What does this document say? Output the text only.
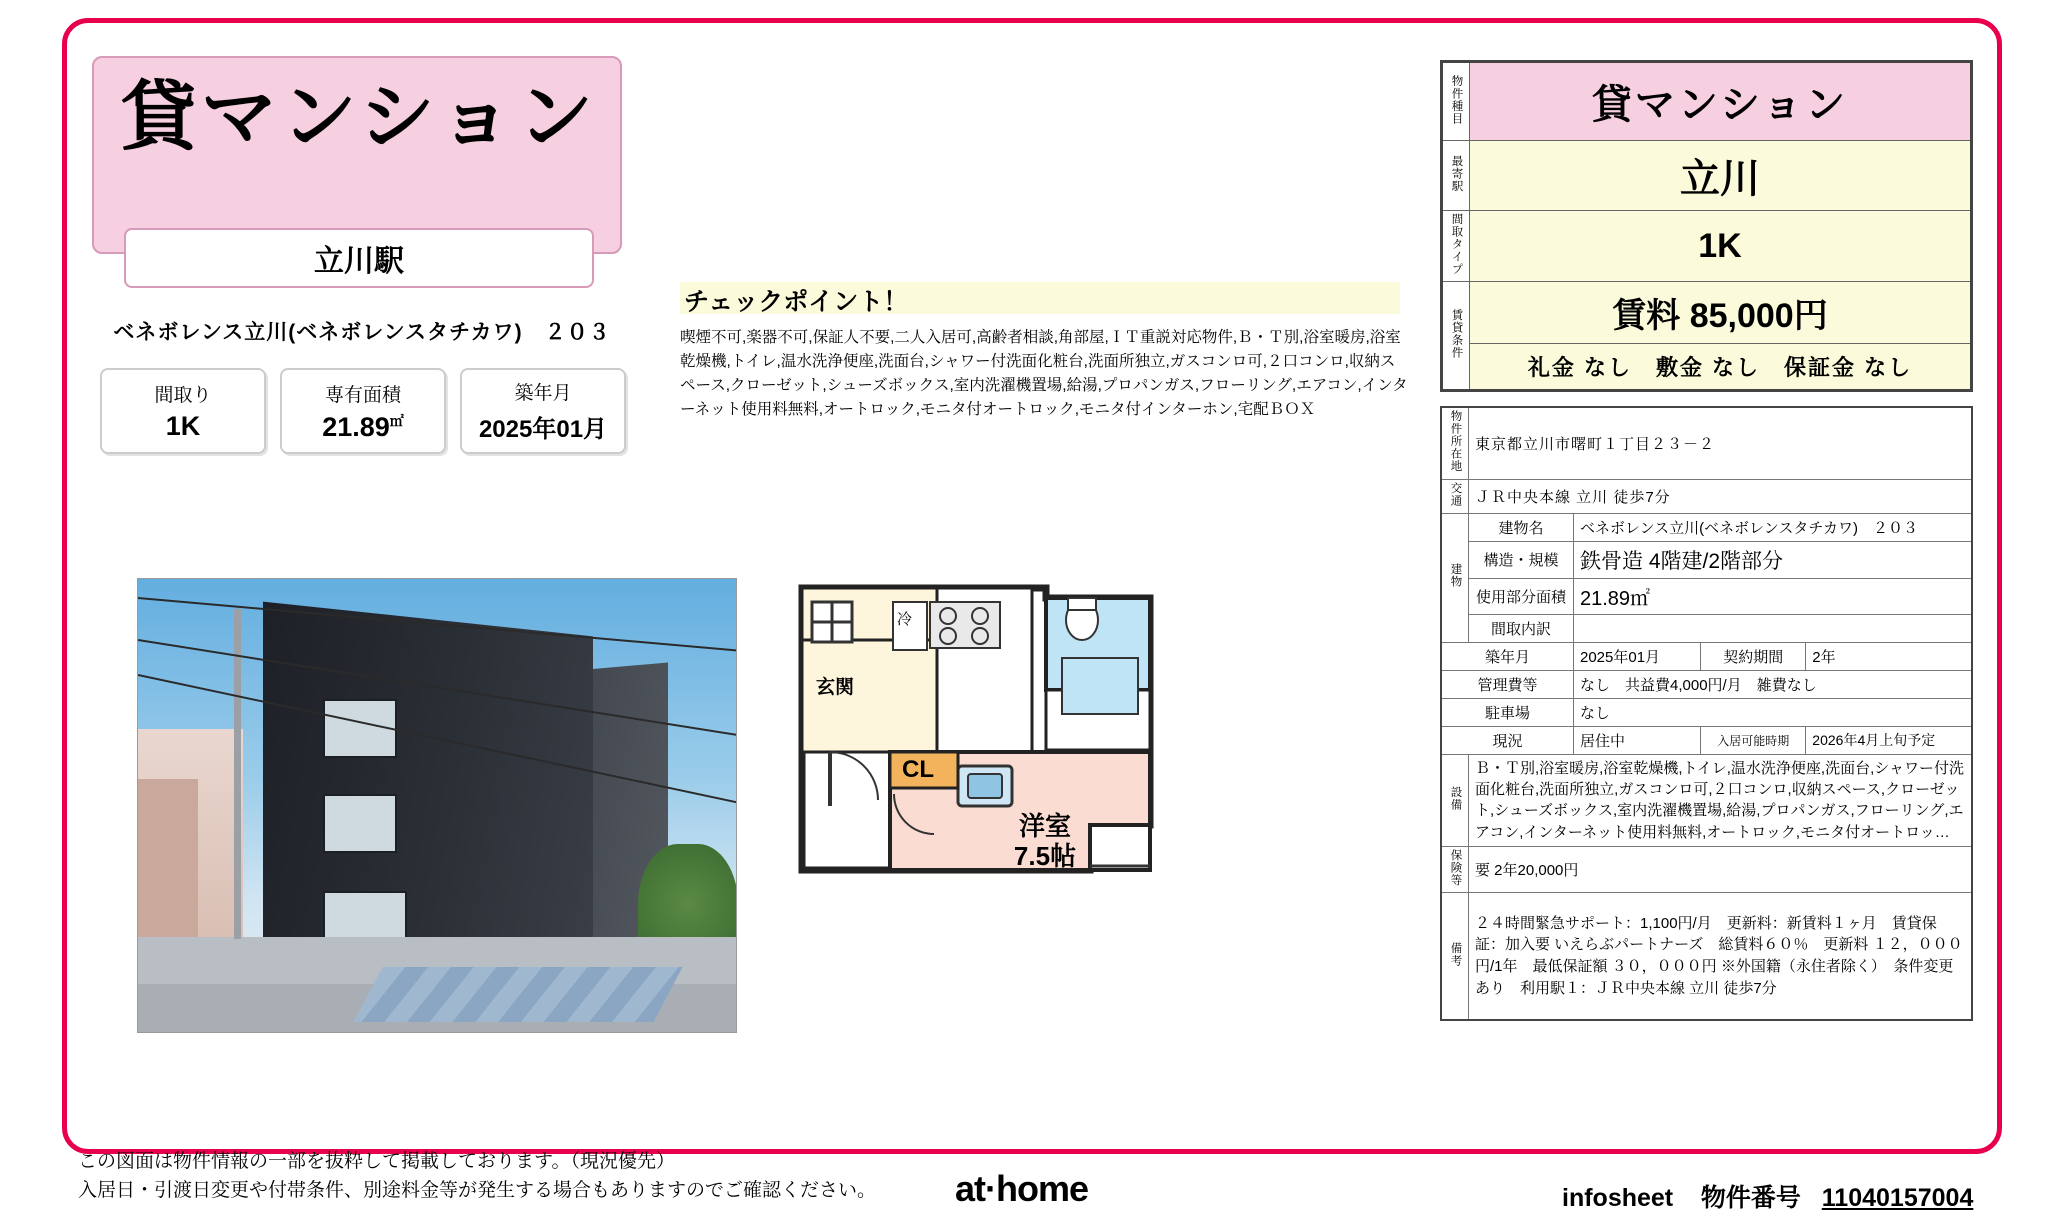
貸マンション
立川駅
ベネボレンス立川(ベネボレンスタチカワ)　２０３
間取り
1K
専有面積
21.89㎡
築年月
2025年01月
チェックポイント！
喫煙不可,楽器不可,保証人不要,二人入居可,高齢者相談,角部屋,ＩＴ重説対応物件,Ｂ・Ｔ別,浴室暖房,浴室乾燥機,トイレ,温水洗浄便座,洗面台,シャワー付洗面化粧台,洗面所独立,ガスコンロ可,２口コンロ,収納スペース,クローゼット,シューズボックス,室内洗濯機置場,給湯,プロパンガス,フローリング,エアコン,インターネット使用料無料,オートロック,モニタ付オートロック,モニタ付インターホン,宅配ＢＯＸ
玄関
CL
冷
洋室
7.5帖
物件種目	貸マンション
最寄駅	立川
間取タイプ	1K
賃貸条件	賃料 85,000円
	礼金 なし　敷金 なし　保証金 なし
物件所在地	東京都立川市曙町１丁目２３－２			
交通	ＪＲ中央本線 立川 徒歩7分			
建物	建物名	ベネボレンス立川(ベネボレンスタチカワ)　２０３		
	構造・規模	鉄骨造 4階建/2階部分		
	使用部分面積	21.89㎡		
	間取内訳			
築年月		2025年01月	契約期間	2年
管理費等		なし　共益費4,000円/月　雑費なし		
駐車場		なし		
現況		居住中	入居可能時期	2026年4月上旬予定
設備	Ｂ・Ｔ別,浴室暖房,浴室乾燥機,トイレ,温水洗浄便座,洗面台,シャワー付洗面化粧台,洗面所独立,ガスコンロ可,２口コンロ,収納スペース,クローゼット,シューズボックス,室内洗濯機置場,給湯,プロパンガス,フローリング,エアコン,インターネット使用料無料,オートロック,モニタ付オートロッ…			
保険等	要 2年20,000円			
備考	２４時間緊急サポート：1,100円/月　更新料：新賃料１ヶ月　賃貸保証：加入要 いえらぶパートナーズ　総賃料６０％　更新料 １２，０００円/1年　最低保証額 ３０，０００円 ※外国籍（永住者除く）　条件変更あり　利用駅１：ＪＲ中央本線 立川 徒歩7分			
この図面は物件情報の一部を抜粋して掲載しております。（現況優先）
入居日・引渡日変更や付帯条件、別途料金等が発生する場合もありますのでご確認ください。 at·home	infosheet 物件番号 11040157004
